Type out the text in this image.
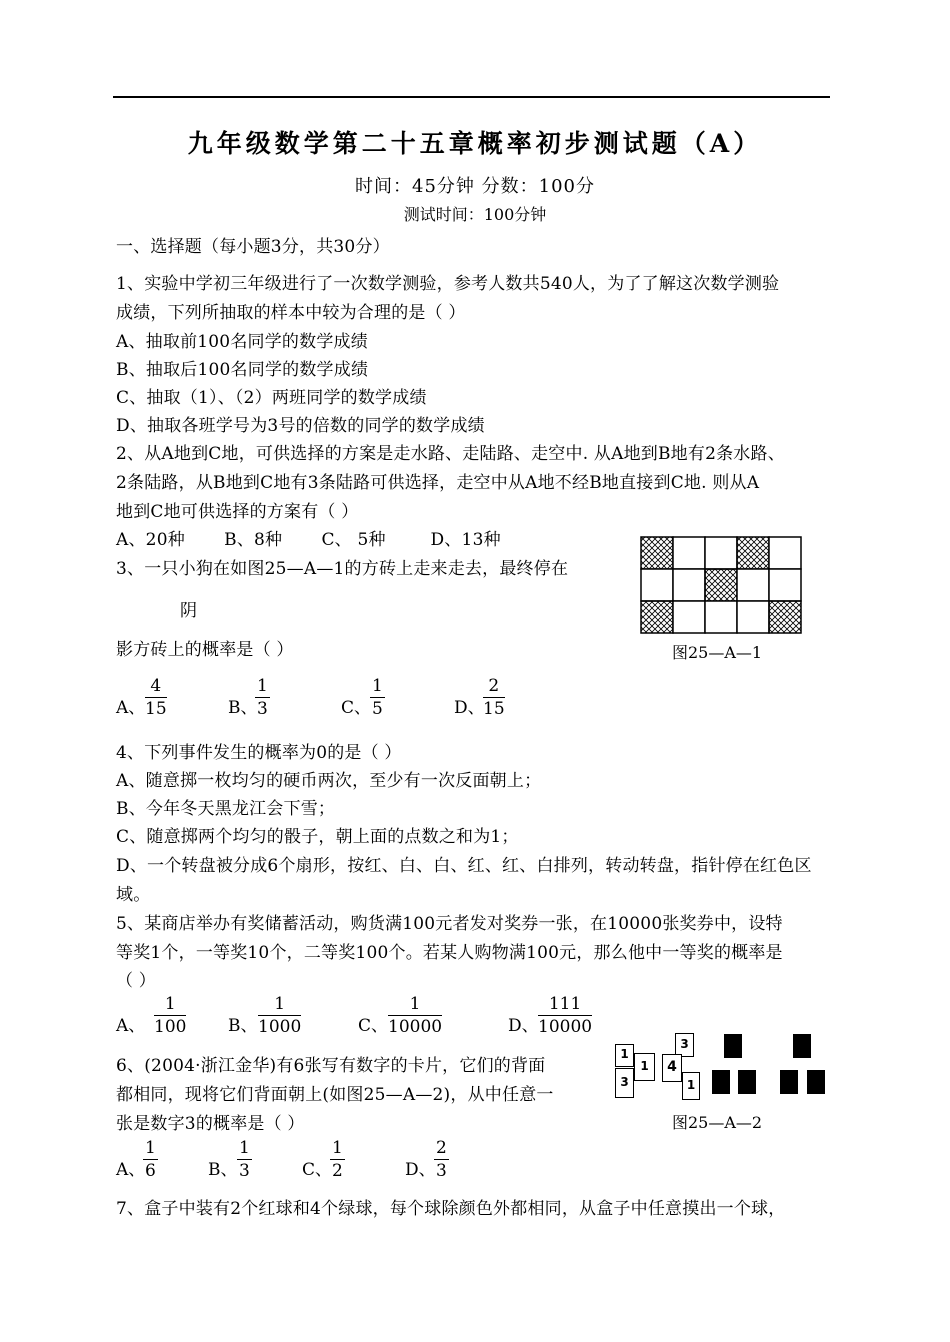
九年级数学第二十五章概率初步测试题（A）
时间：45分钟 分数：100分
测试时间：100分钟
一、选择题（每小题3分，共30分）
1、实验中学初三年级进行了一次数学测验，参考人数共540人，为了了解这次数学测验
成绩，下列所抽取的样本中较为合理的是（ ）
A、抽取前100名同学的数学成绩
B、抽取后100名同学的数学成绩
C、抽取（1）、（2）两班同学的数学成绩
D、抽取各班学号为3号的倍数的同学的数学成绩
2、从A地到C地，可供选择的方案是走水路、走陆路、走空中. 从A地到B地有2条水路、
2条陆路，从B地到C地有3条陆路可供选择，走空中从A地不经B地直接到C地. 则从A
地到C地可供选择的方案有（ ）
A、20种       B、8种       C、 5种        D、13种
3、一只小狗在如图25—A—1的方砖上走来走去，最终停在
阴
影方砖上的概率是（ ）	图25—A—1
A、 $\frac{4}{15}$	B、
$\frac{1}{3}$	C、
$\frac{1}{5}$	D、
$\frac{2}{15}$
4、下列事件发生的概率为0的是（ ）
A、随意掷一枚均匀的硬币两次，至少有一次反面朝上；
B、今年冬天黑龙江会下雪；
C、随意掷两个均匀的骰子，朝上面的点数之和为1；
D、一个转盘被分成6个扇形，按红、白、白、红、红、白排列，转动转盘，指针停在红色区
域。
5、某商店举办有奖储蓄活动，购货满100元者发对奖券一张，在10000张奖券中，设特
等奖1个，一等奖10个，二等奖100个。若某人购物满100元，那么他中一等奖的概率是
（ ）
A、 $\frac{1}{100}$ B、 $\frac{1}{1000}$	C、 $\frac{1}{10000}$	D、 $\frac{111}{10000}$
6、(2004·浙江金华)有6张写有数字的卡片，它们的背面
都相同，现将它们背面朝上(如图25—A—2)，从中任意一
张是数字3的概率是（ ）
1
3
1
3
4
1
图25—A—2
A、
$\frac{1}{6}$	B、 $\frac{1}{3}$	C、
$\frac{1}{2}$	D、
$\frac{2}{3}$
7、盒子中装有2个红球和4个绿球，每个球除颜色外都相同，从盒子中任意摸出一个球，
